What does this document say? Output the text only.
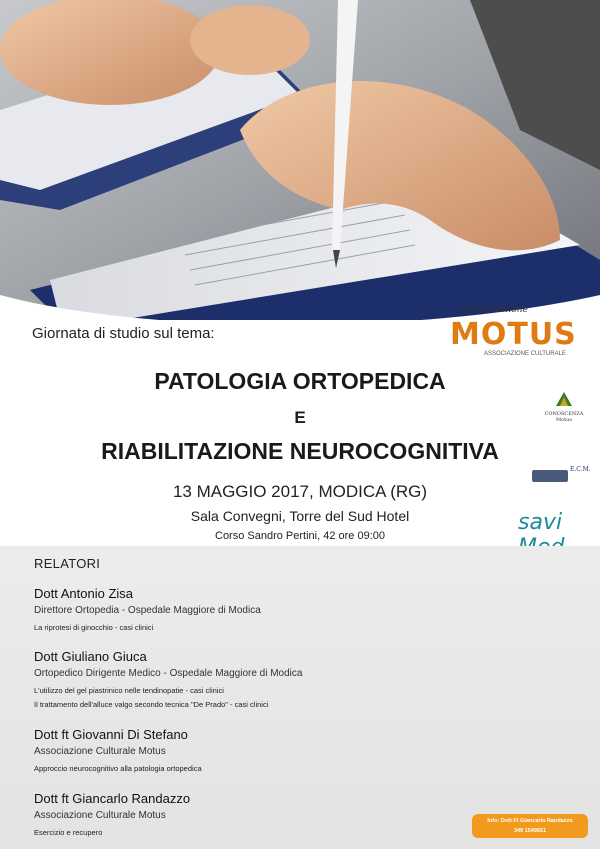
Giornata di studio sul tema:
In-Formazione
MOTUS
ASSOCIAZIONE CULTURALE
PATOLOGIA ORTOPEDICA
E
RIABILITAZIONE NEUROCOGNITIVA
13 MAGGIO 2017, MODICA (RG)
Sala Convegni, Torre del Sud Hotel
Corso Sandro Pertini, 42 ore 09:00
CONOSCENZA Motus
E.C.M.
savi
RELATORI
Dott Antonio Zisa
Direttore Ortopedia - Ospedale Maggiore di Modica
La riprotesi di ginocchio - casi clinici
Dott Giuliano Giuca
Ortopedico Dirigente Medico - Ospedale Maggiore di Modica
L'utilizzo del gel piastrinico nelle tendinopatie - casi clinici
Il trattamento dell'alluce valgo secondo tecnica "De Prado" - casi clinici
Dott ft Giovanni Di Stefano
Associazione Culturale Motus
Approccio neurocognitivo alla patologia ortopedica
Dott ft Giancarlo Randazzo
Associazione Culturale Motus
Esercizio e recupero
Info: Dott Ft Giancarlo Randazzo
349 1549651
